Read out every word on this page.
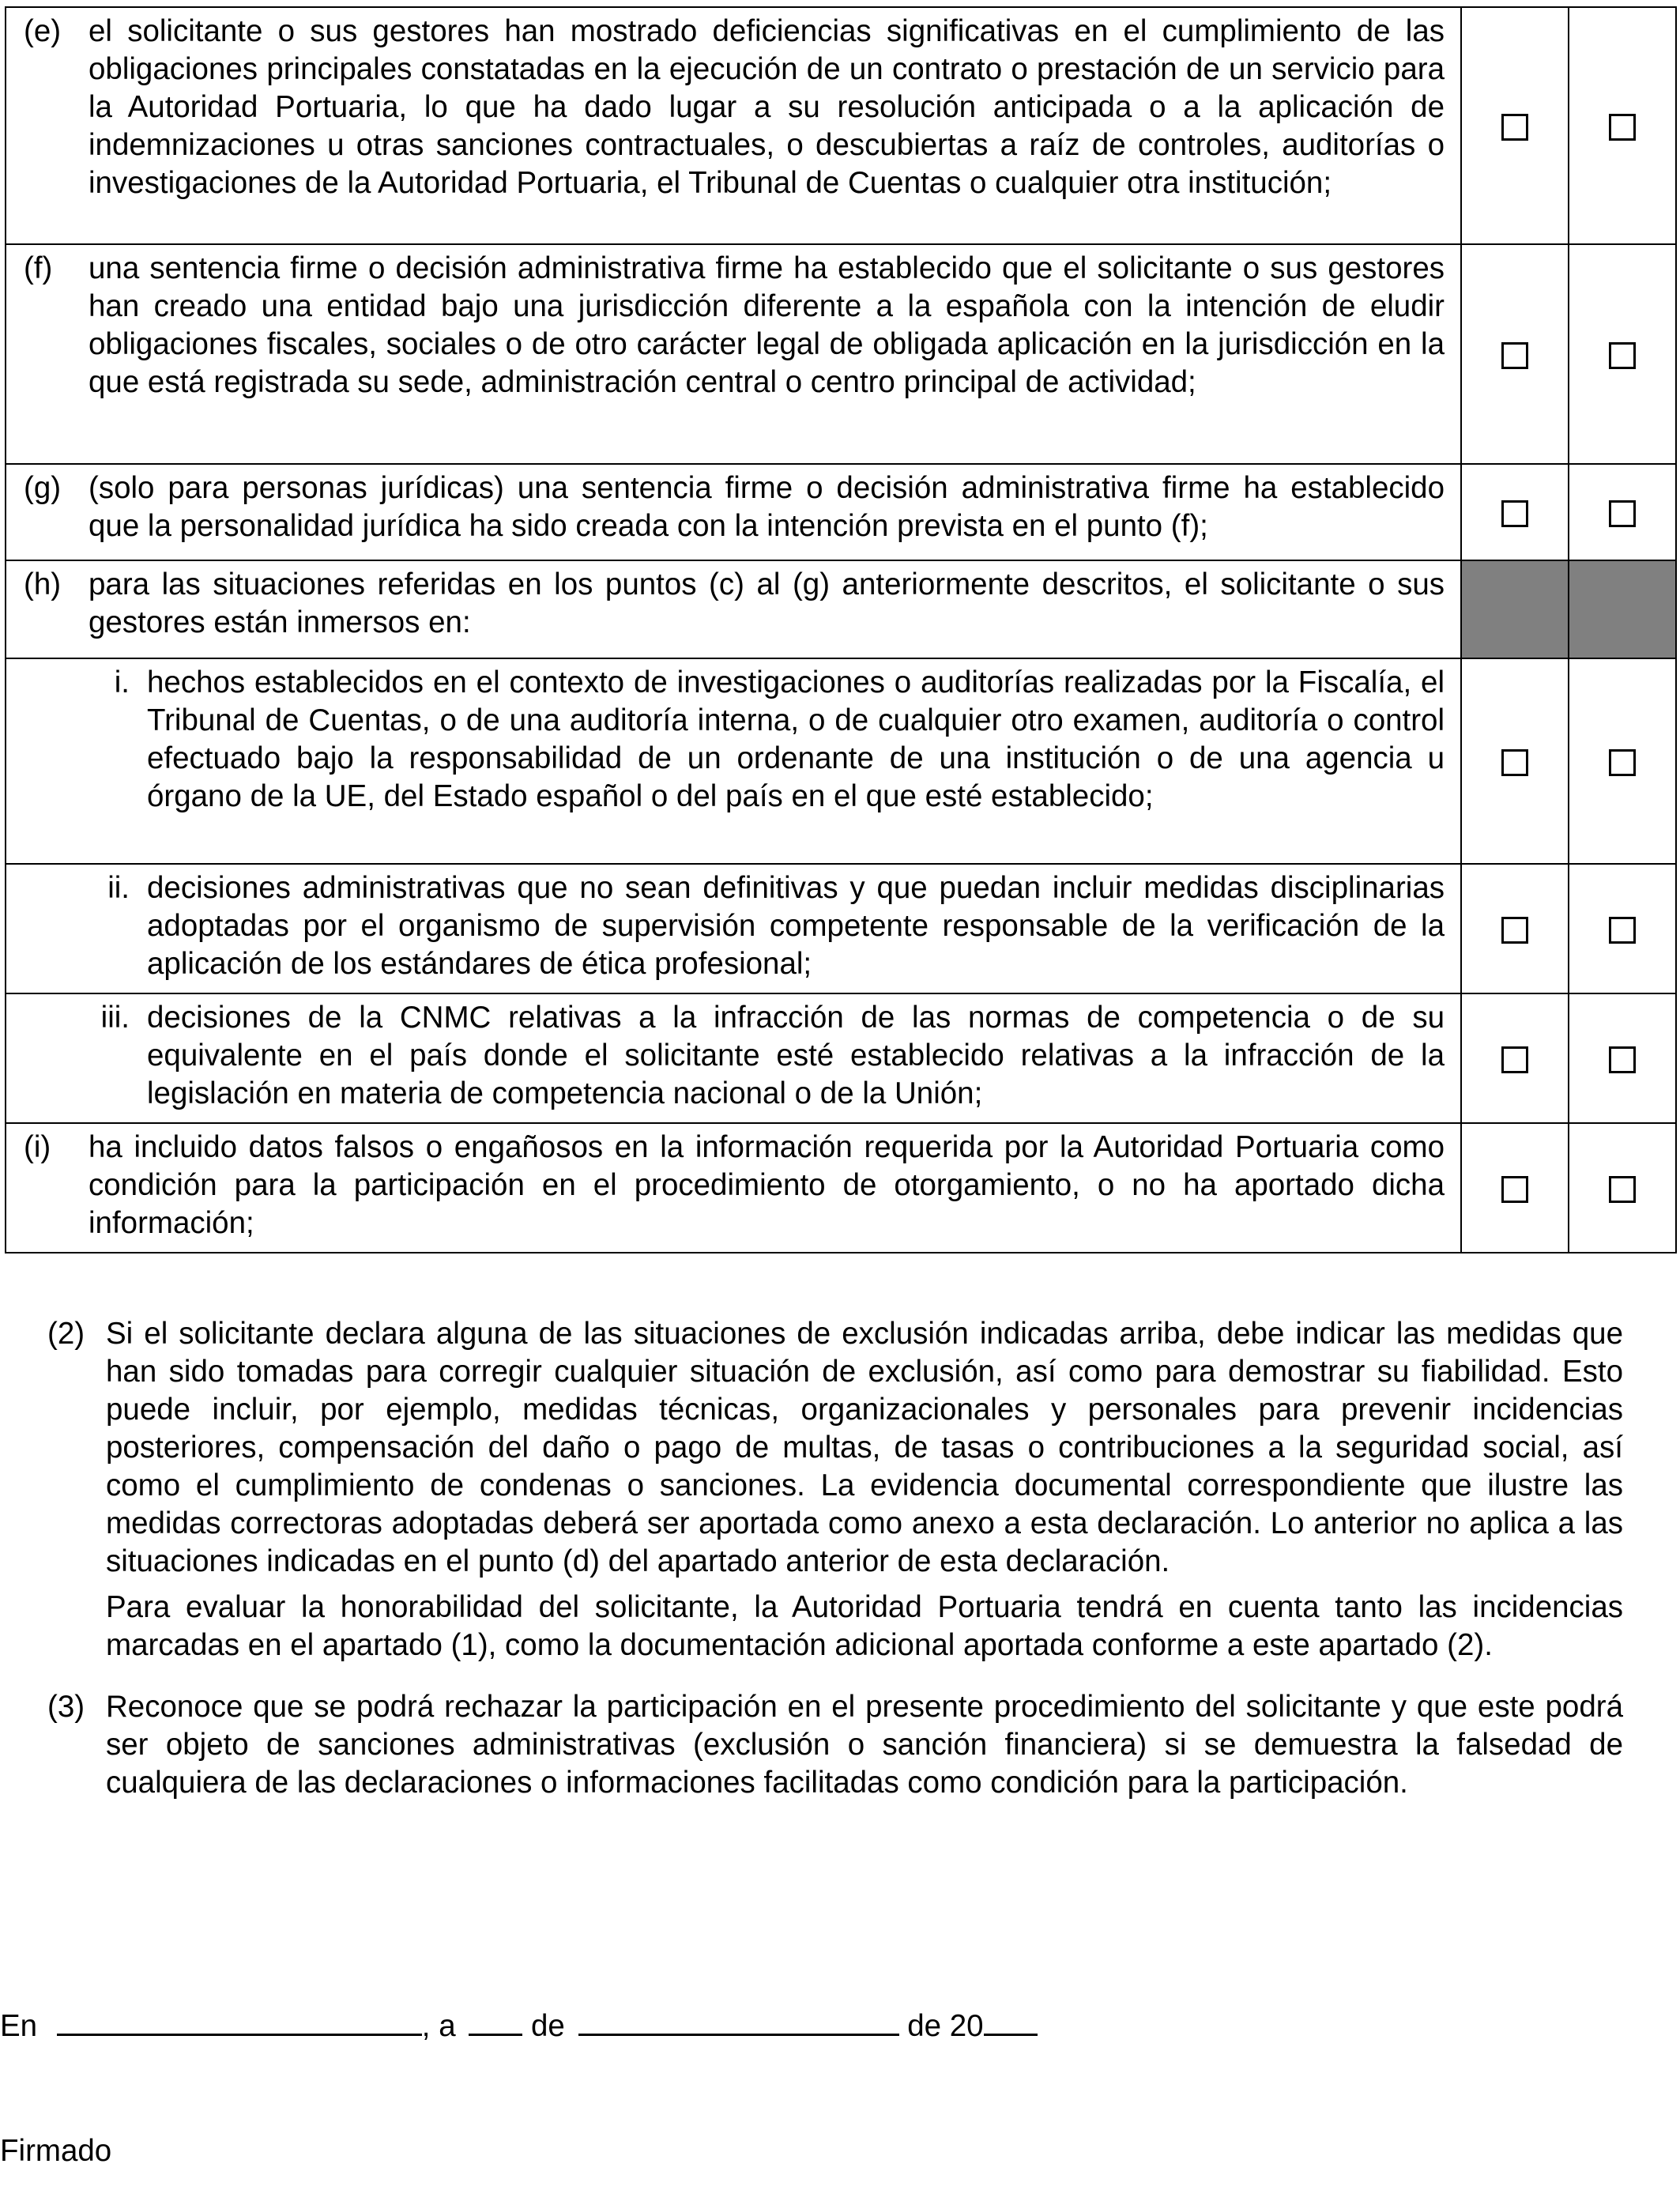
(e) el solicitante o sus gestores han mostrado deficiencias significativas en el cumplimiento de las obligaciones principales constatadas en la ejecución de un contrato o prestación de un servicio para la Autoridad Portuaria, lo que ha dado lugar a su resolución anticipada o a la aplicación de indemnizaciones u otras sanciones contractuales, o descubiertas a raíz de controles, auditorías o investigaciones de la Autoridad Portuaria, el Tribunal de Cuentas o cualquier otra institución;		

(f) una sentencia firme o decisión administrativa firme ha establecido que el solicitante o sus gestores han creado una entidad bajo una jurisdicción diferente a la española con la intención de eludir obligaciones fiscales, sociales o de otro carácter legal de obligada aplicación en la jurisdicción en la que está registrada su sede, administración central o centro principal de actividad;		

(g) (solo para personas jurídicas) una sentencia firme o decisión administrativa firme ha establecido que la personalidad jurídica ha sido creada con la intención prevista en el punto (f);		

(h) para las situaciones referidas en los puntos (c) al (g) anteriormente descritos, el solicitante o sus gestores están inmersos en:		

i. hechos establecidos en el contexto de investigaciones o auditorías realizadas por la Fiscalía, el Tribunal de Cuentas, o de una auditoría interna, o de cualquier otro examen, auditoría o control efectuado bajo la responsabilidad de un ordenante de una institución o de una agencia u órgano de la UE, del Estado español o del país en el que esté establecido;		

ii. decisiones administrativas que no sean definitivas y que puedan incluir medidas disciplinarias adoptadas por el organismo de supervisión competente responsable de la verificación de la aplicación de los estándares de ética profesional;		

iii. decisiones de la CNMC relativas a la infracción de las normas de competencia o de su equivalente en el país donde el solicitante esté establecido relativas a la infracción de la legislación en materia de competencia nacional o de la Unión;		

(i) ha incluido datos falsos o engañosos en la información requerida por la Autoridad Portuaria como condición para la participación en el procedimiento de otorgamiento, o no ha aportado dicha información;		

(2) Si el solicitante declara alguna de las situaciones de exclusión indicadas arriba, debe indicar las medidas que han sido tomadas para corregir cualquier situación de exclusión, así como para demostrar su fiabilidad. Esto puede incluir, por ejemplo, medidas técnicas, organizacionales y personales para prevenir incidencias posteriores, compensación del daño o pago de multas, de tasas o contribuciones a la seguridad social, así como el cumplimiento de condenas o sanciones. La evidencia documental correspondiente que ilustre las medidas correctoras adoptadas deberá ser aportada como anexo a esta declaración. Lo anterior no aplica a las situaciones indicadas en el punto (d) del apartado anterior de esta declaración.

Para evaluar la honorabilidad del solicitante, la Autoridad Portuaria tendrá en cuenta tanto las incidencias marcadas en el apartado (1), como la documentación adicional aportada conforme a este apartado (2).

(3) Reconoce que se podrá rechazar la participación en el presente procedimiento del solicitante y que este podrá ser objeto de sanciones administrativas (exclusión o sanción financiera) si se demuestra la falsedad de cualquiera de las declaraciones o informaciones facilitadas como condición para la participación.

En	, a de	de 20
Firmado
